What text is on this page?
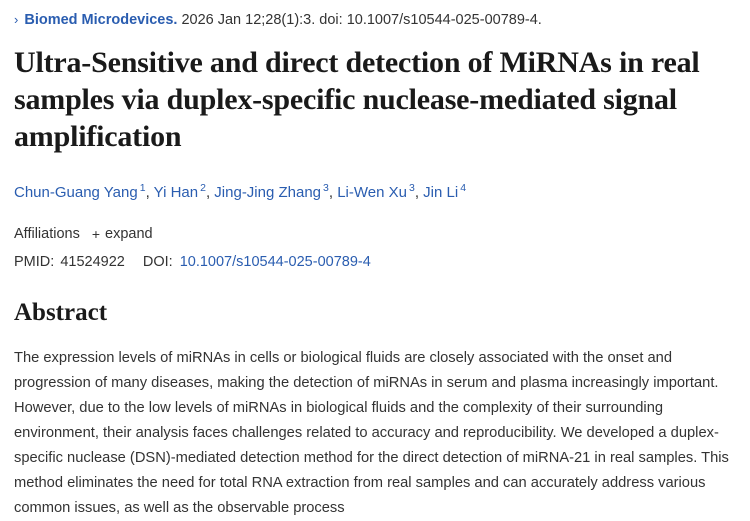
› Biomed Microdevices. 2026 Jan 12;28(1):3. doi: 10.1007/s10544-025-00789-4.
Ultra-Sensitive and direct detection of MiRNAs in real samples via duplex-specific nuclease-mediated signal amplification
Chun-Guang Yang $^1$, Yi Han $^2$, Jing-Jing Zhang $^3$, Li-Wen Xu $^3$, Jin Li $^4$
Affiliations + expand
PMID: 41524922 DOI: 10.1007/s10544-025-00789-4
Abstract

The expression levels of miRNAs in cells or biological fluids are closely associated with the onset and progression of many diseases, making the detection of miRNAs in serum and plasma increasingly important. However, due to the low levels of miRNAs in biological fluids and the complexity of their surrounding environment, their analysis faces challenges related to accuracy and reproducibility. We developed a duplex-specific nuclease (DSN)-mediated detection method for the direct detection of miRNA-21 in real samples. This method eliminates the need for total RNA extraction from real samples and can accurately address various common issues, as well as the observable process
